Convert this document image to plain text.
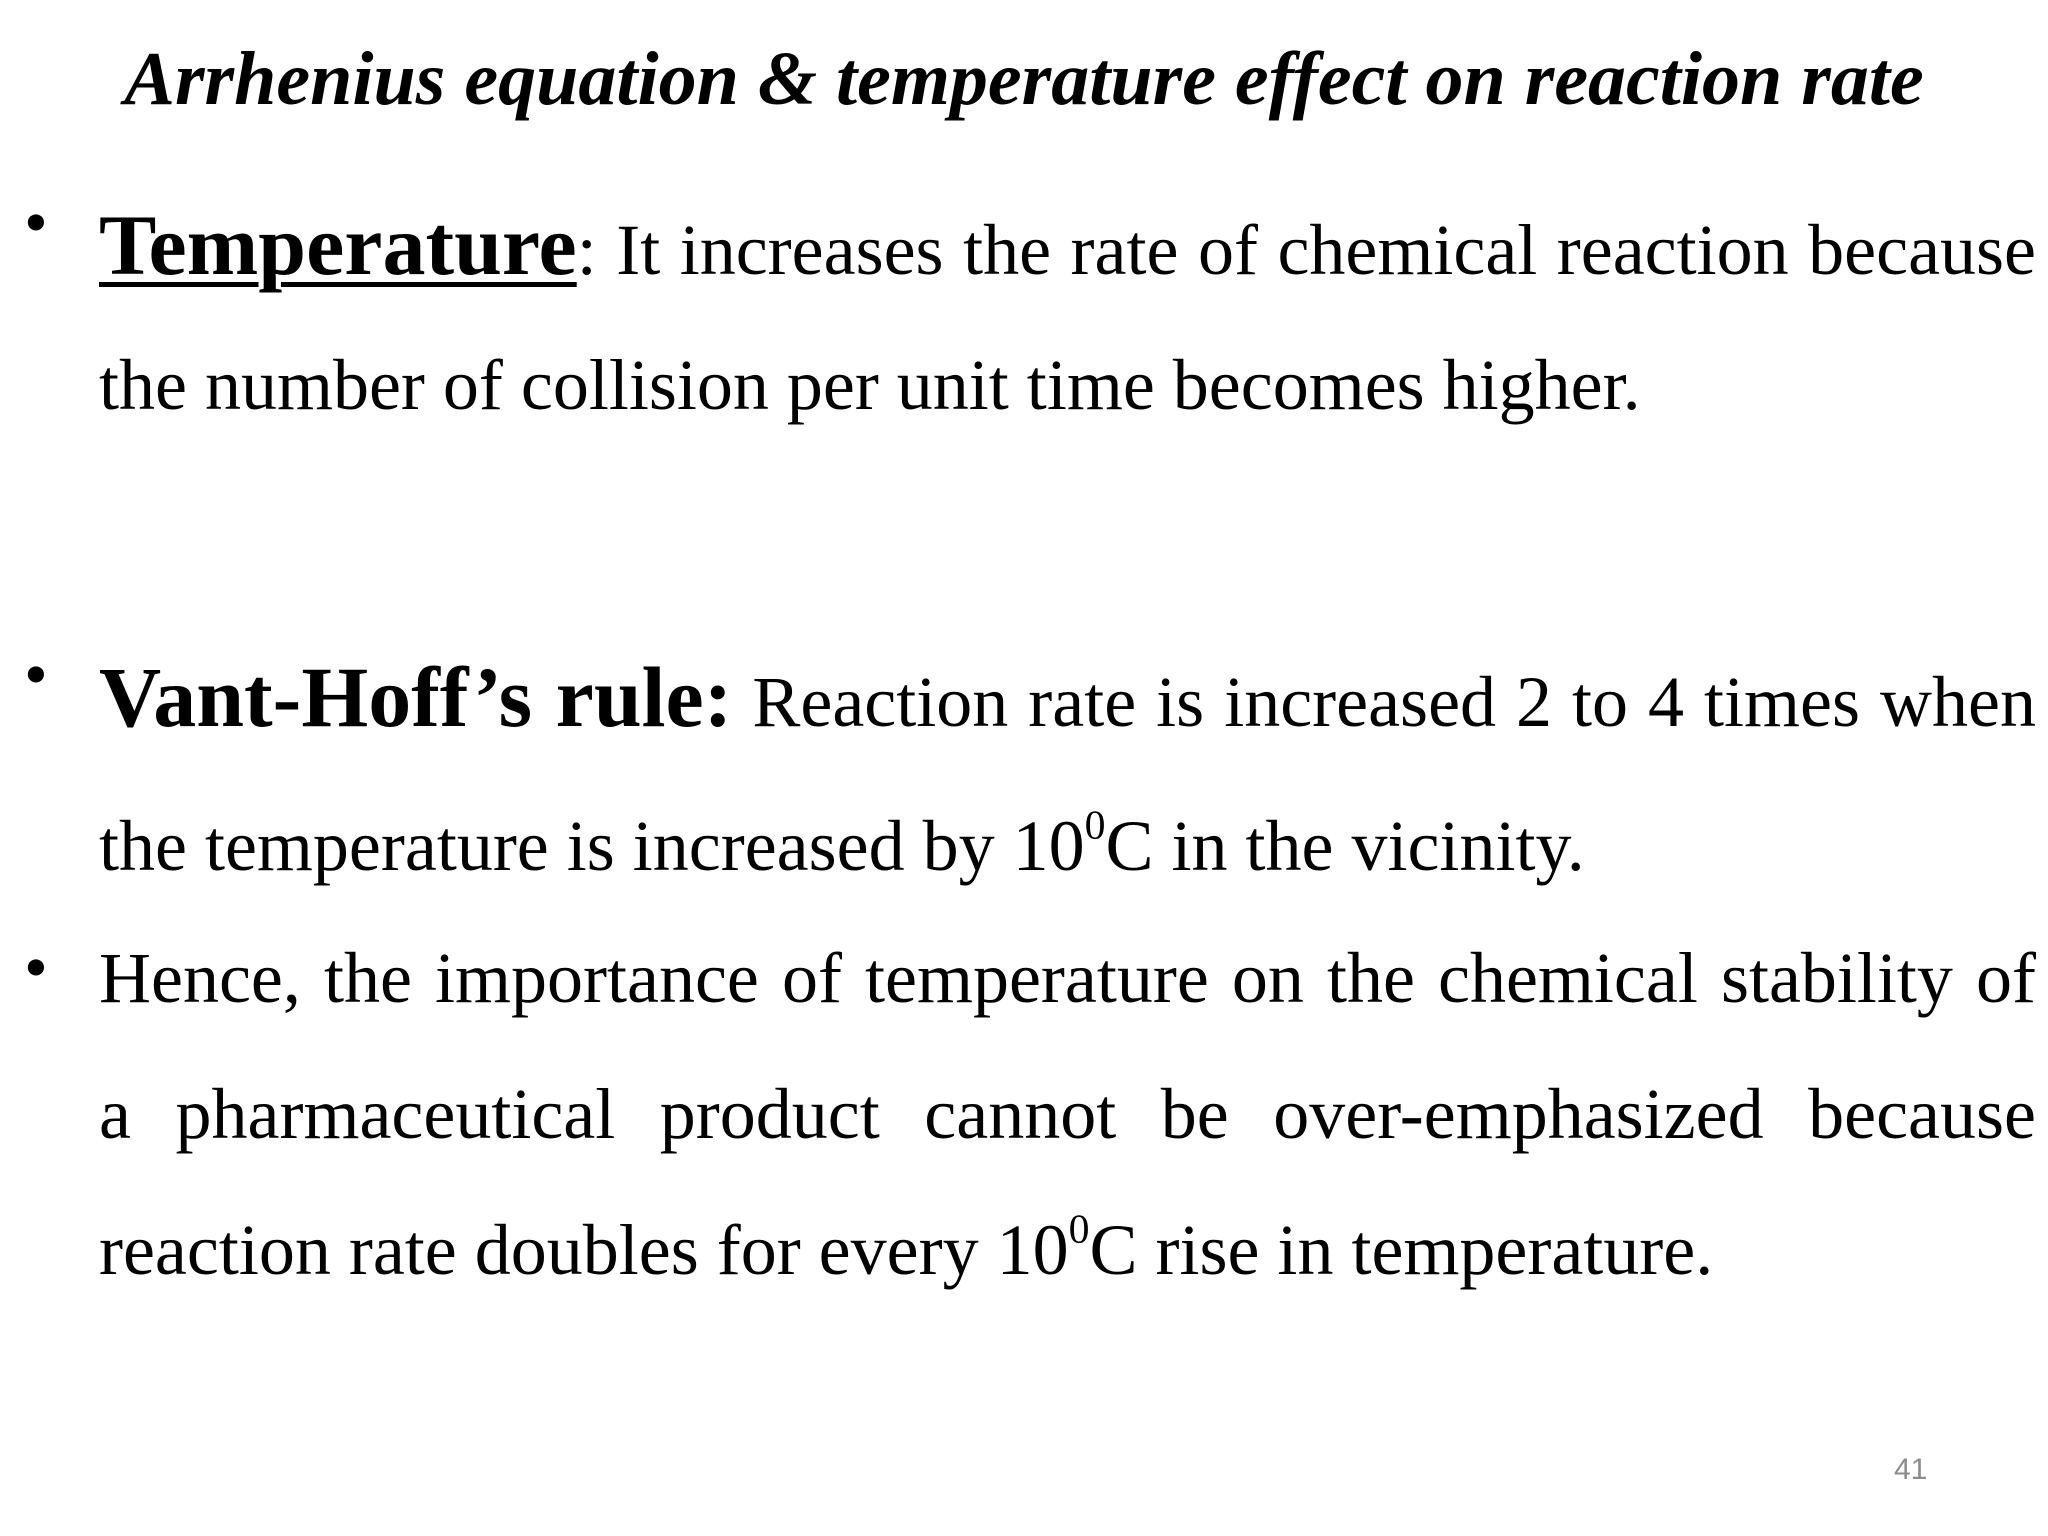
Arrhenius equation & temperature effect on reaction rate
• Temperature: It increases the rate of chemical reaction because the number of collision per unit time becomes higher.

• Vant-Hoff’s rule: Reaction rate is increased 2 to 4 times when the temperature is increased by $10^0C$ in the vicinity.

• Hence, the importance of temperature on the chemical stability of a pharmaceutical product cannot be over-emphasized because reaction rate doubles for every $10^0C$ rise in temperature.

41
